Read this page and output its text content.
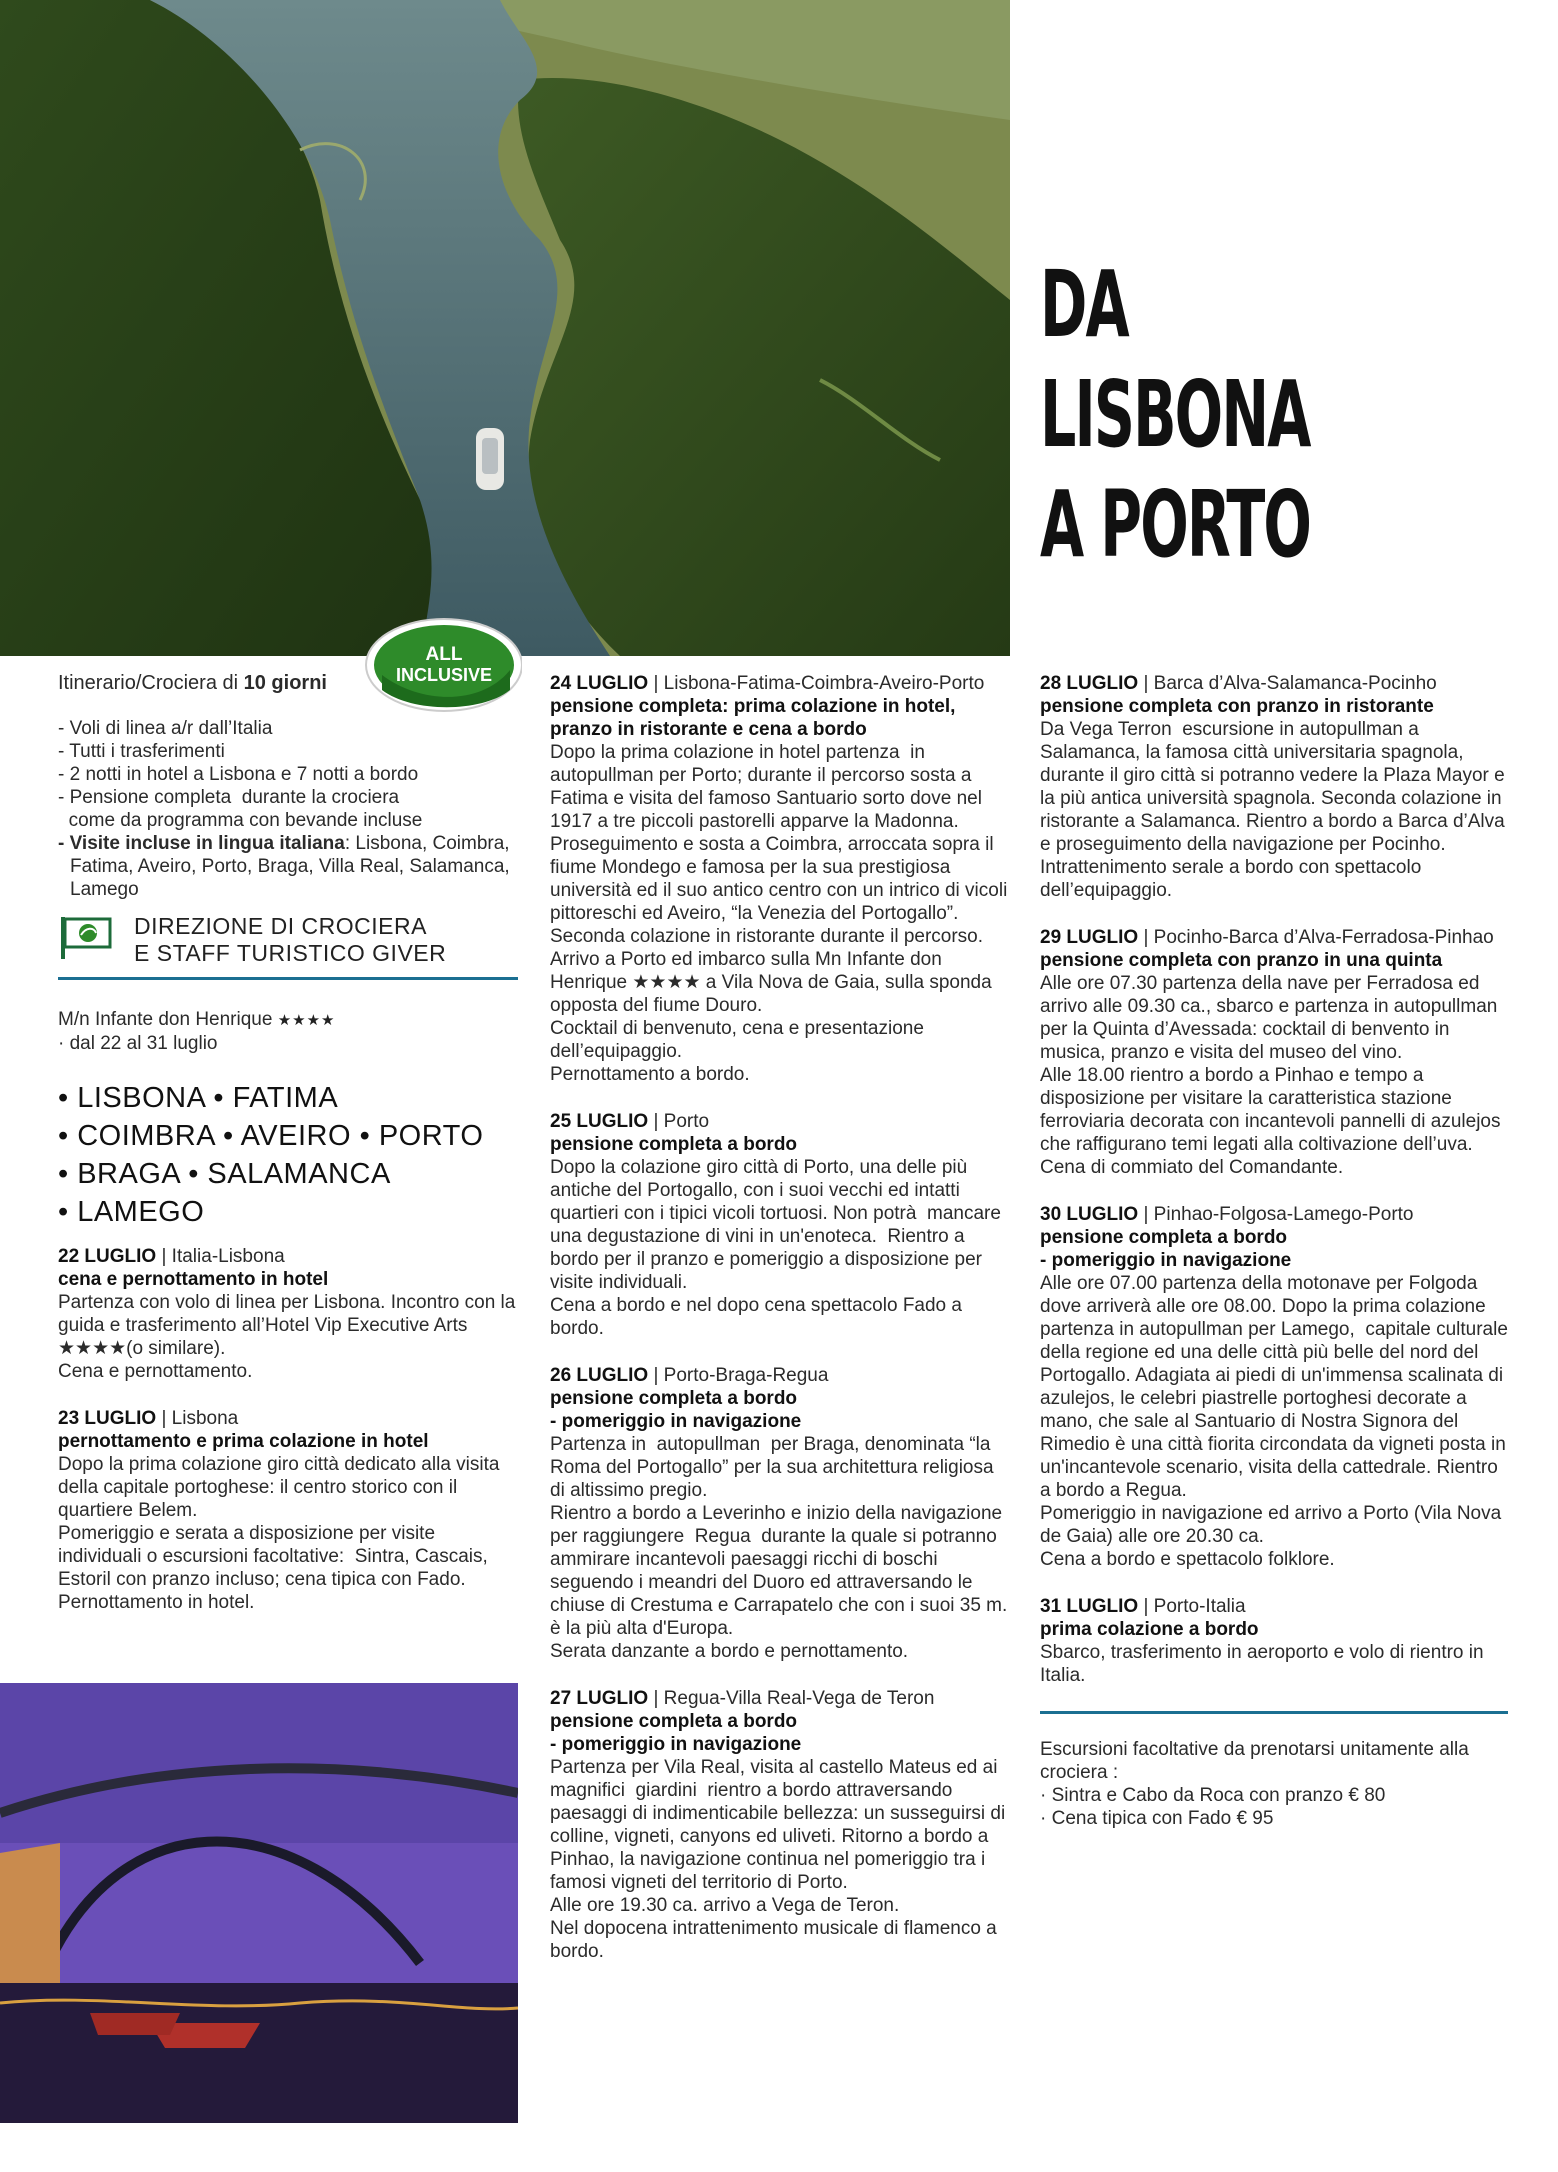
DA LISBONA
A PORTO
ALL
INCLUSIVE

Itinerario/Crociera di 10 giorni

- Voli di linea a/r dall’Italia
- Tutti i trasferimenti
- 2 notti in hotel a Lisbona e 7 notti a bordo
- Pensione completa  durante la crociera
come da programma con bevande incluse
- Visite incluse in lingua italiana: Lisbona, Coimbra, Fatima, Aveiro, Porto, Braga, Villa Real, Salamanca, Lamego
DIREZIONE DI CROCIERA
E STAFF TURISTICO GIVER

M/n Infante don Henrique ★★★★

· dal 22 al 31 luglio

• LISBONA • FATIMA
• COIMBRA • AVEIRO • PORTO
• BRAGA • SALAMANCA
• LAMEGO

22 LUGLIO | Italia-Lisbona

cena e pernottamento in hotel

Partenza con volo di linea per Lisbona. Incontro con la guida e trasferimento all’Hotel Vip Executive Arts ★★★★(o similare).
Cena e pernottamento.

23 LUGLIO | Lisbona

pernottamento e prima colazione in hotel

Dopo la prima colazione giro città dedicato alla visita della capitale portoghese: il centro storico con il quartiere Belem.
Pomeriggio e serata a disposizione per visite individuali o escursioni facoltative:  Sintra, Cascais, Estoril con pranzo incluso; cena tipica con Fado.
Pernottamento in hotel.

24 LUGLIO | Lisbona-Fatima-Coimbra-Aveiro-Porto

pensione completa: prima colazione in hotel, pranzo in ristorante e cena a bordo

Dopo la prima colazione in hotel partenza  in autopullman per Porto; durante il percorso sosta a Fatima e visita del famoso Santuario sorto dove nel 1917 a tre piccoli pastorelli apparve la Madonna. Proseguimento e sosta a Coimbra, arroccata sopra il fiume Mondego e famosa per la sua prestigiosa università ed il suo antico centro con un intrico di vicoli pittoreschi ed Aveiro, “la Venezia del Portogallo”.
Seconda colazione in ristorante durante il percorso.
Arrivo a Porto ed imbarco sulla Mn Infante don Henrique ★★★★ a Vila Nova de Gaia, sulla sponda opposta del fiume Douro.
Cocktail di benvenuto, cena e presentazione dell’equipaggio.
Pernottamento a bordo.

25 LUGLIO | Porto

pensione completa a bordo

Dopo la colazione giro città di Porto, una delle più antiche del Portogallo, con i suoi vecchi ed intatti quartieri con i tipici vicoli tortuosi. Non potrà  mancare una degustazione di vini in un'enoteca.  Rientro a bordo per il pranzo e pomeriggio a disposizione per visite individuali.
Cena a bordo e nel dopo cena spettacolo Fado a bordo.

26 LUGLIO | Porto-Braga-Regua

pensione completa a bordo

- pomeriggio in navigazione

Partenza in  autopullman  per Braga, denominata “la Roma del Portogallo” per la sua architettura religiosa di altissimo pregio.
Rientro a bordo a Leverinho e inizio della navigazione per raggiungere  Regua  durante la quale si potranno ammirare incantevoli paesaggi ricchi di boschi seguendo i meandri del Duoro ed attraversando le chiuse di Crestuma e Carrapatelo che con i suoi 35 m. è la più alta d'Europa.
Serata danzante a bordo e pernottamento.

27 LUGLIO | Regua-Villa Real-Vega de Teron

pensione completa a bordo

- pomeriggio in navigazione

Partenza per Vila Real, visita al castello Mateus ed ai magnifici  giardini  rientro a bordo attraversando paesaggi di indimenticabile bellezza: un susseguirsi di colline, vigneti, canyons ed uliveti. Ritorno a bordo a Pinhao, la navigazione continua nel pomeriggio tra i famosi vigneti del territorio di Porto.
Alle ore 19.30 ca. arrivo a Vega de Teron.
Nel dopocena intrattenimento musicale di flamenco a bordo.

28 LUGLIO | Barca d’Alva-Salamanca-Pocinho

pensione completa con pranzo in ristorante

Da Vega Terron  escursione in autopullman a Salamanca, la famosa città universitaria spagnola, durante il giro città si potranno vedere la Plaza Mayor e la più antica università spagnola. Seconda colazione in ristorante a Salamanca. Rientro a bordo a Barca d’Alva e proseguimento della navigazione per Pocinho. Intrattenimento serale a bordo con spettacolo dell’equipaggio.

29 LUGLIO | Pocinho-Barca d’Alva-Ferradosa-Pinhao

pensione completa con pranzo in una quinta

Alle ore 07.30 partenza della nave per Ferradosa ed arrivo alle 09.30 ca., sbarco e partenza in autopullman per la Quinta d’Avessada: cocktail di benvento in musica, pranzo e visita del museo del vino.
Alle 18.00 rientro a bordo a Pinhao e tempo a disposizione per visitare la caratteristica stazione ferroviaria decorata con incantevoli pannelli di azulejos che raffigurano temi legati alla coltivazione dell’uva.
Cena di commiato del Comandante.

30 LUGLIO | Pinhao-Folgosa-Lamego-Porto

pensione completa a bordo

- pomeriggio in navigazione

Alle ore 07.00 partenza della motonave per Folgoda dove arriverà alle ore 08.00. Dopo la prima colazione partenza in autopullman per Lamego,  capitale culturale della regione ed una delle città più belle del nord del Portogallo. Adagiata ai piedi di un'immensa scalinata di azulejos, le celebri piastrelle portoghesi decorate a mano, che sale al Santuario di Nostra Signora del Rimedio è una città fiorita circondata da vigneti posta in un'incantevole scenario, visita della cattedrale. Rientro a bordo a Regua.
Pomeriggio in navigazione ed arrivo a Porto (Vila Nova de Gaia) alle ore 20.30 ca.
Cena a bordo e spettacolo folklore.

31 LUGLIO | Porto-Italia

prima colazione a bordo

Sbarco, trasferimento in aeroporto e volo di rientro in Italia.

Escursioni facoltative da prenotarsi unitamente alla crociera :

· Sintra e Cabo da Roca con pranzo € 80

· Cena tipica con Fado € 95
